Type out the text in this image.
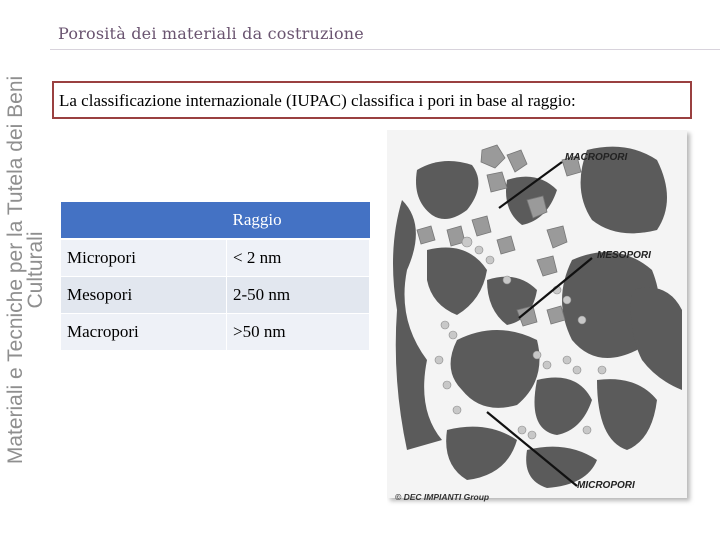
Materiali e Tecniche per la Tutela dei Beni
Culturali
Porosità dei materiali da costruzione
La classificazione internazionale (IUPAC) classifica i pori in base al raggio:
MACROPORI
MESOPORI
MICROPORI
© DEC IMPIANTI Group
	Raggio
Micropori	< 2 nm
Mesopori	2-50 nm
Macropori	>50 nm
